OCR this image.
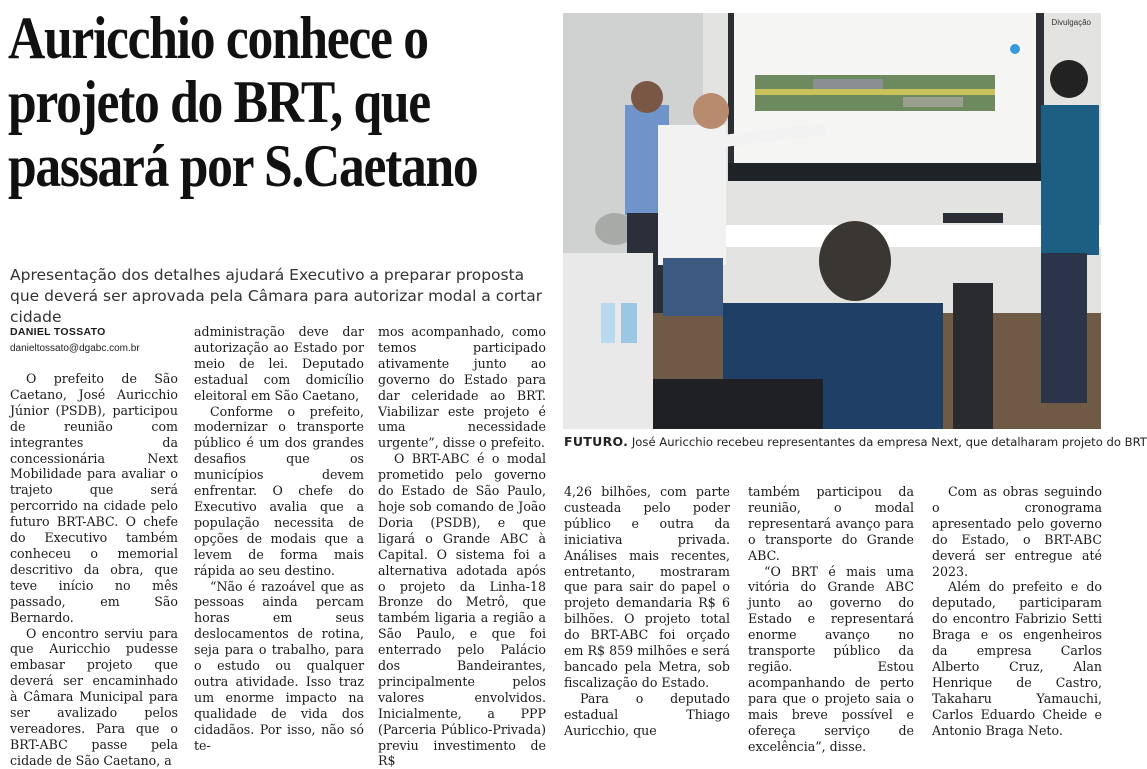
Auricchio conhece o projeto do BRT, que passará por S.Caetano

Apresentação dos detalhes ajudará Executivo a preparar proposta que deverá ser aprovada pela Câmara para autorizar modal a cortar cidade

DANIEL TOSSATO
danieltossato@dgabc.com.br

O prefeito de São Caetano, José Auricchio Júnior (PSDB), participou de reunião com integrantes da concessionária Next Mobilidade para avaliar o trajeto que será percorrido na cidade pelo futuro BRT-ABC. O chefe do Executivo também conheceu o memorial descritivo da obra, que teve início no mês passado, em São Bernardo.

O encontro serviu para que Auricchio pudesse embasar projeto que deverá ser encaminhado à Câmara Municipal para ser avalizado pelos vereadores. Para que o BRT-ABC passe pela cidade de São Caetano, a

administração deve dar autorização ao Estado por meio de lei. Deputado estadual com domicílio eleitoral em São Caetano,

Conforme o prefeito, modernizar o transporte público é um dos grandes desafios que os municípios devem enfrentar. O chefe do Executivo avalia que a população necessita de opções de modais que a levem de forma mais rápida ao seu destino.

“Não é razoável que as pessoas ainda percam horas em seus deslocamentos de rotina, seja para o trabalho, para o estudo ou qualquer outra atividade. Isso traz um enorme impacto na qualidade de vida dos cidadãos. Por isso, não só te-

mos acompanhado, como temos participado ativamente junto ao governo do Estado para dar celeridade ao BRT. Viabilizar este projeto é uma necessidade urgente”, disse o prefeito.

O BRT-ABC é o modal prometido pelo governo do Estado de São Paulo, hoje sob comando de João Doria (PSDB), e que ligará o Grande ABC à Capital. O sistema foi a alternativa adotada após o projeto da Linha-18 Bronze do Metrô, que também ligaria a região a São Paulo, e que foi enterrado pelo Palácio dos Bandeirantes, principalmente pelos valores envolvidos. Inicialmente, a PPP (Parceria Público-Privada) previu investimento de R$

Divulgação
FUTURO. José Auricchio recebeu representantes da empresa Next, que detalharam projeto do BRT

4,26 bilhões, com parte custeada pelo poder público e outra da iniciativa privada. Análises mais recentes, entretanto, mostraram que para sair do papel o projeto demandaria R$ 6 bilhões. O projeto total do BRT-ABC foi orçado em R$ 859 milhões e será bancado pela Metra, sob fiscalização do Estado.

Para o deputado estadual Thiago Auricchio, que

também participou da reunião, o modal representará avanço para o transporte do Grande ABC.

“O BRT é mais uma vitória do Grande ABC junto ao governo do Estado e representará enorme avanço no transporte público da região. Estou acompanhando de perto para que o projeto saia o mais breve possível e ofereça serviço de excelência”, disse.

Com as obras seguindo o cronograma apresentado pelo governo do Estado, o BRT-ABC deverá ser entregue até 2023.

Além do prefeito e do deputado, participaram do encontro Fabrizio Setti Braga e os engenheiros da empresa Carlos Alberto Cruz, Alan Henrique de Castro, Takaharu Yamauchi, Carlos Eduardo Cheide e Antonio Braga Neto.
